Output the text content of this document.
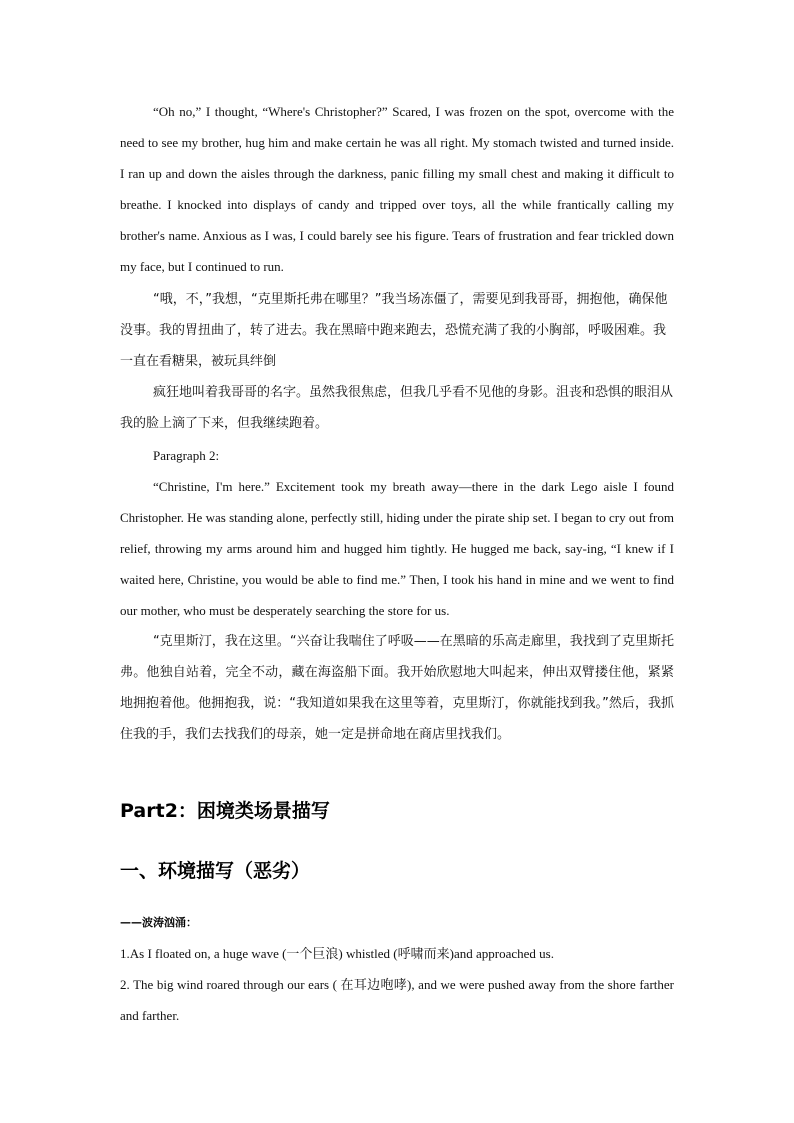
“Oh no,” I thought, “Where's Christopher?” Scared, I was frozen on the spot, overcome with the need to see my brother, hug him and make certain he was all right. My stomach twisted and turned inside. I ran up and down the aisles through the darkness, panic filling my small chest and making it difficult to breathe. I knocked into displays of candy and tripped over toys, all the while frantically calling my brother's name. Anxious as I was, I could barely see his figure. Tears of frustration and fear trickled down my face, but I continued to run.

“哦，不，”我想，“克里斯托弗在哪里？”我当场冻僵了，需要见到我哥哥，拥抱他，确保他没事。我的胃扭曲了，转了进去。我在黑暗中跑来跑去，恐慌充满了我的小胸部，呼吸困难。我一直在看糖果，被玩具绊倒

疯狂地叫着我哥哥的名字。虽然我很焦虑，但我几乎看不见他的身影。沮丧和恐惧的眼泪从我的脸上滴了下来，但我继续跑着。

Paragraph 2:

“Christine, I'm here.” Excitement took my breath away—there in the dark Lego aisle I found Christopher. He was standing alone, perfectly still, hiding under the pirate ship set. I began to cry out from relief, throwing my arms around him and hugged him tightly. He hugged me back, say-ing, “I knew if I waited here, Christine, you would be able to find me.” Then, I took his hand in mine and we went to find our mother, who must be desperately searching the store for us.

“克里斯汀，我在这里。“兴奋让我喘住了呼吸——在黑暗的乐高走廊里，我找到了克里斯托弗。他独自站着，完全不动，藏在海盗船下面。我开始欣慰地大叫起来，伸出双臂搂住他，紧紧地拥抱着他。他拥抱我，说：“我知道如果我在这里等着，克里斯汀，你就能找到我。”然后，我抓住我的手，我们去找我们的母亲，她一定是拼命地在商店里找我们。

Part2：困境类场景描写
一、环境描写（恶劣）

——波涛汹涌：

1.As I floated on, a huge wave (一个巨浪) whistled (呼啸而来)and approached us.

2. The big wind roared through our ears ( 在耳边咆哮), and we were pushed away from the shore farther and farther.
